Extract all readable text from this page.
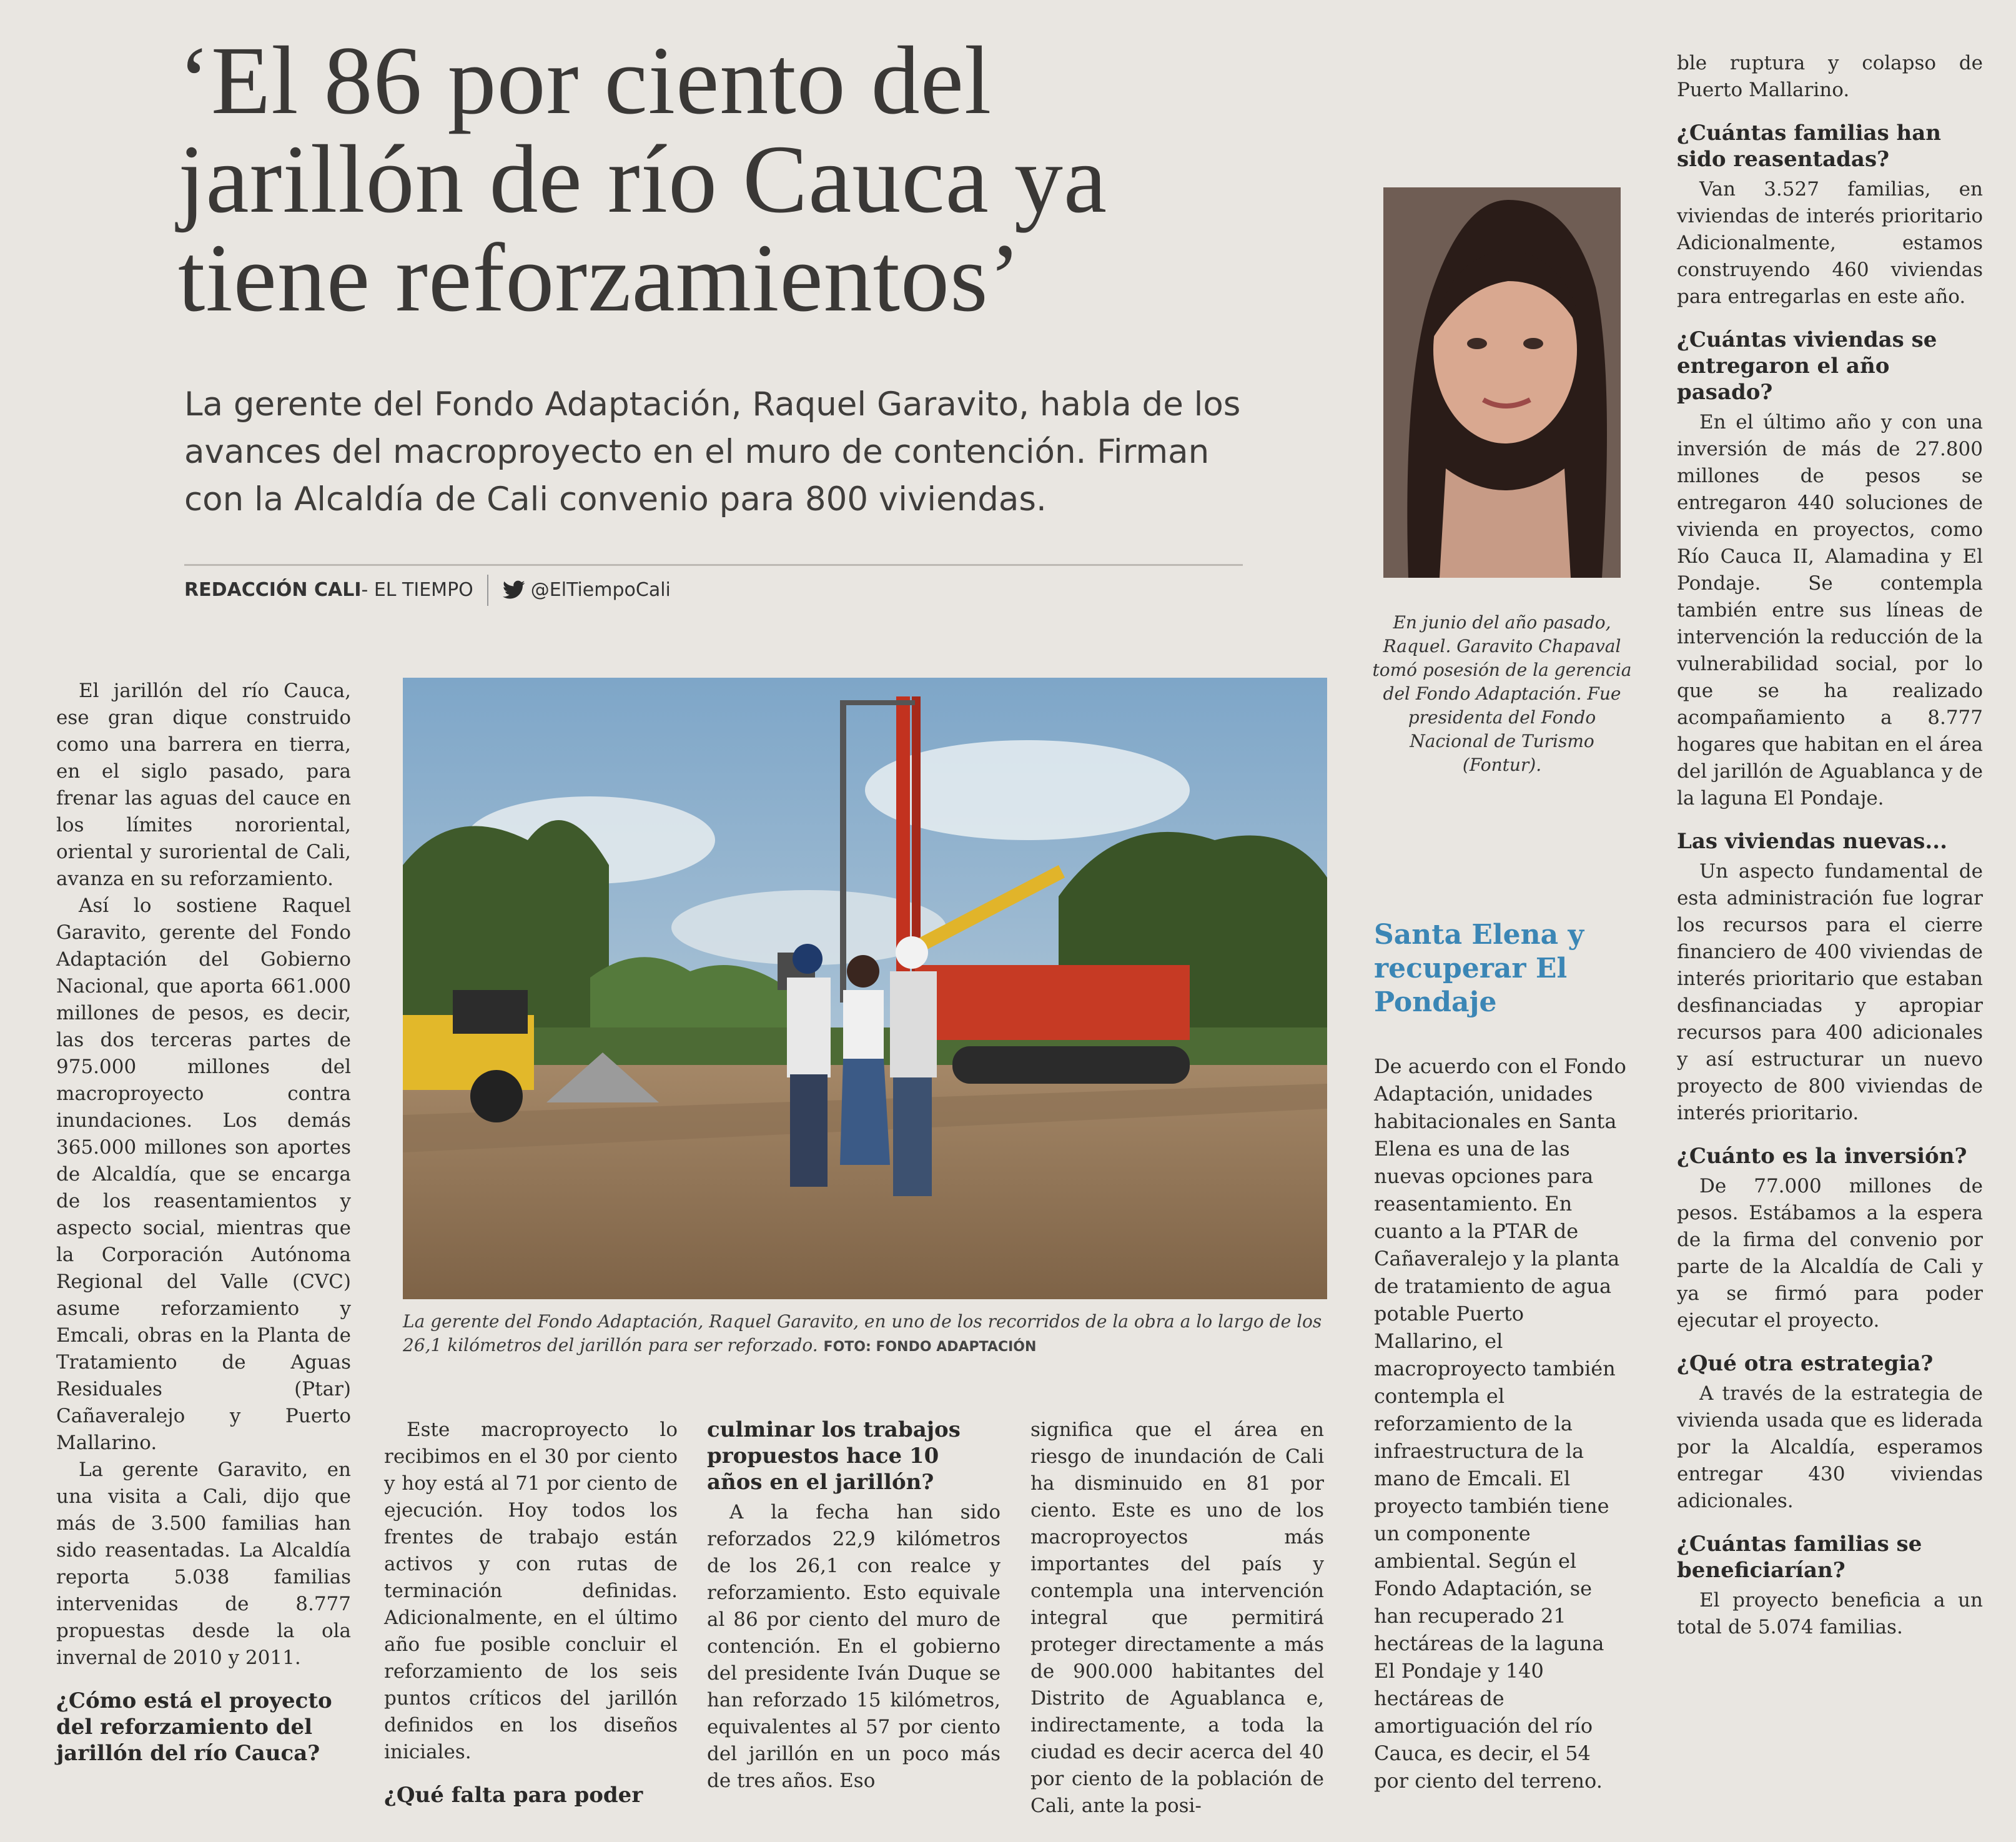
‘El 86 por ciento del jarillón de río Cauca ya tiene reforzamientos’
La gerente del Fondo Adaptación, Raquel Garavito, habla de los avances del macroproyecto en el muro de contención. Firman con la Alcaldía de Cali convenio para 800 viviendas.
REDACCIÓN CALI - EL TIEMPO	@ElTiempoCali

El jarillón del río Cauca, ese gran dique construido como una barrera en tierra, en el siglo pasado, para frenar las aguas del cauce en los límites nororiental, oriental y suroriental de Cali, avanza en su reforzamiento.

Así lo sostiene Raquel Garavito, gerente del Fondo Adaptación del Gobierno Nacional, que aporta 661.000 millones de pesos, es decir, las dos terceras partes de 975.000 millones del macroproyecto contra inundaciones. Los demás 365.000 millones son aportes de Alcaldía, que se encarga de los reasentamientos y aspecto social, mientras que la Corporación Autónoma Regional del Valle (CVC) asume reforzamiento y Emcali, obras en la Planta de Tratamiento de Aguas Residuales (Ptar) Cañaveralejo y Puerto Mallarino.

La gerente Garavito, en una visita a Cali, dijo que más de 3.500 familias han sido reasentadas. La Alcaldía reporta 5.038 familias intervenidas de 8.777 propuestas desde la ola invernal de 2010 y 2011.

¿Cómo está el proyecto del reforzamiento del jarillón del río Cauca?
La gerente del Fondo Adaptación, Raquel Garavito, en uno de los recorridos de la obra a lo largo de los 26,1 kilómetros del jarillón para ser reforzado. FOTO: FONDO ADAPTACIÓN

Este macroproyecto lo recibimos en el 30 por ciento y hoy está al 71 por ciento de ejecución. Hoy todos los frentes de trabajo están activos y con rutas de terminación definidas. Adicionalmente, en el último año fue posible concluir el reforzamiento de los seis puntos críticos del jarillón definidos en los diseños iniciales.

¿Qué falta para poder
culminar los trabajos propuestos hace 10 años en el jarillón?

A la fecha han sido reforzados 22,9 kilómetros de los 26,1 con realce y reforzamiento. Esto equivale al 86 por ciento del muro de contención. En el gobierno del presidente Iván Duque se han reforzado 15 kilómetros, equivalentes al 57 por ciento del jarillón en un poco más de tres años. Eso

significa que el área en riesgo de inundación de Cali ha disminuido en 81 por ciento. Este es uno de los macroproyectos más importantes del país y contempla una intervención integral que permitirá proteger directamente a más de 900.000 habitantes del Distrito de Aguablanca e, indirectamente, a toda la ciudad es decir acerca del 40 por ciento de la población de Cali, ante la posi-

En junio del año pasado, Raquel. Garavito Chapaval tomó posesión de la gerencia del Fondo Adaptación. Fue presidenta del Fondo Nacional de Turismo (Fontur).
Santa Elena y recuperar El Pondaje

De acuerdo con el Fondo Adaptación, unidades habitacionales en Santa Elena es una de las nuevas opciones para reasentamiento. En cuanto a la PTAR de Cañaveralejo y la planta de tratamiento de agua potable Puerto Mallarino, el macroproyecto también contempla el reforzamiento de la infraestructura de la mano de Emcali. El proyecto también tiene un componente ambiental. Según el Fondo Adaptación, se han recuperado 21 hectáreas de la laguna El Pondaje y 140 hectáreas de amortiguación del río Cauca, es decir, el 54 por ciento del terreno.

ble ruptura y colapso de Puerto Mallarino.

¿Cuántas familias han sido reasentadas?

Van 3.527 familias, en viviendas de interés prioritario Adicionalmente, estamos construyendo 460 viviendas para entregarlas en este año.

¿Cuántas viviendas se entregaron el año pasado?

En el último año y con una inversión de más de 27.800 millones de pesos se entregaron 440 soluciones de vivienda en proyectos, como Río Cauca II, Alamadina y El Pondaje. Se contempla también entre sus líneas de intervención la reducción de la vulnerabilidad social, por lo que se ha realizado acompañamiento a 8.777 hogares que habitan en el área del jarillón de Aguablanca y de la laguna El Pondaje.

Las viviendas nuevas...

Un aspecto fundamental de esta administración fue lograr los recursos para el cierre financiero de 400 viviendas de interés prioritario que estaban desfinanciadas y apropiar recursos para 400 adicionales y así estructurar un nuevo proyecto de 800 viviendas de interés prioritario.

¿Cuánto es la inversión?

De 77.000 millones de pesos. Estábamos a la espera de la firma del convenio por parte de la Alcaldía de Cali y ya se firmó para poder ejecutar el proyecto.

¿Qué otra estrategia?

A través de la estrategia de vivienda usada que es liderada por la Alcaldía, esperamos entregar 430 viviendas adicionales.

¿Cuántas familias se beneficiarían?

El proyecto beneficia a un total de 5.074 familias.
